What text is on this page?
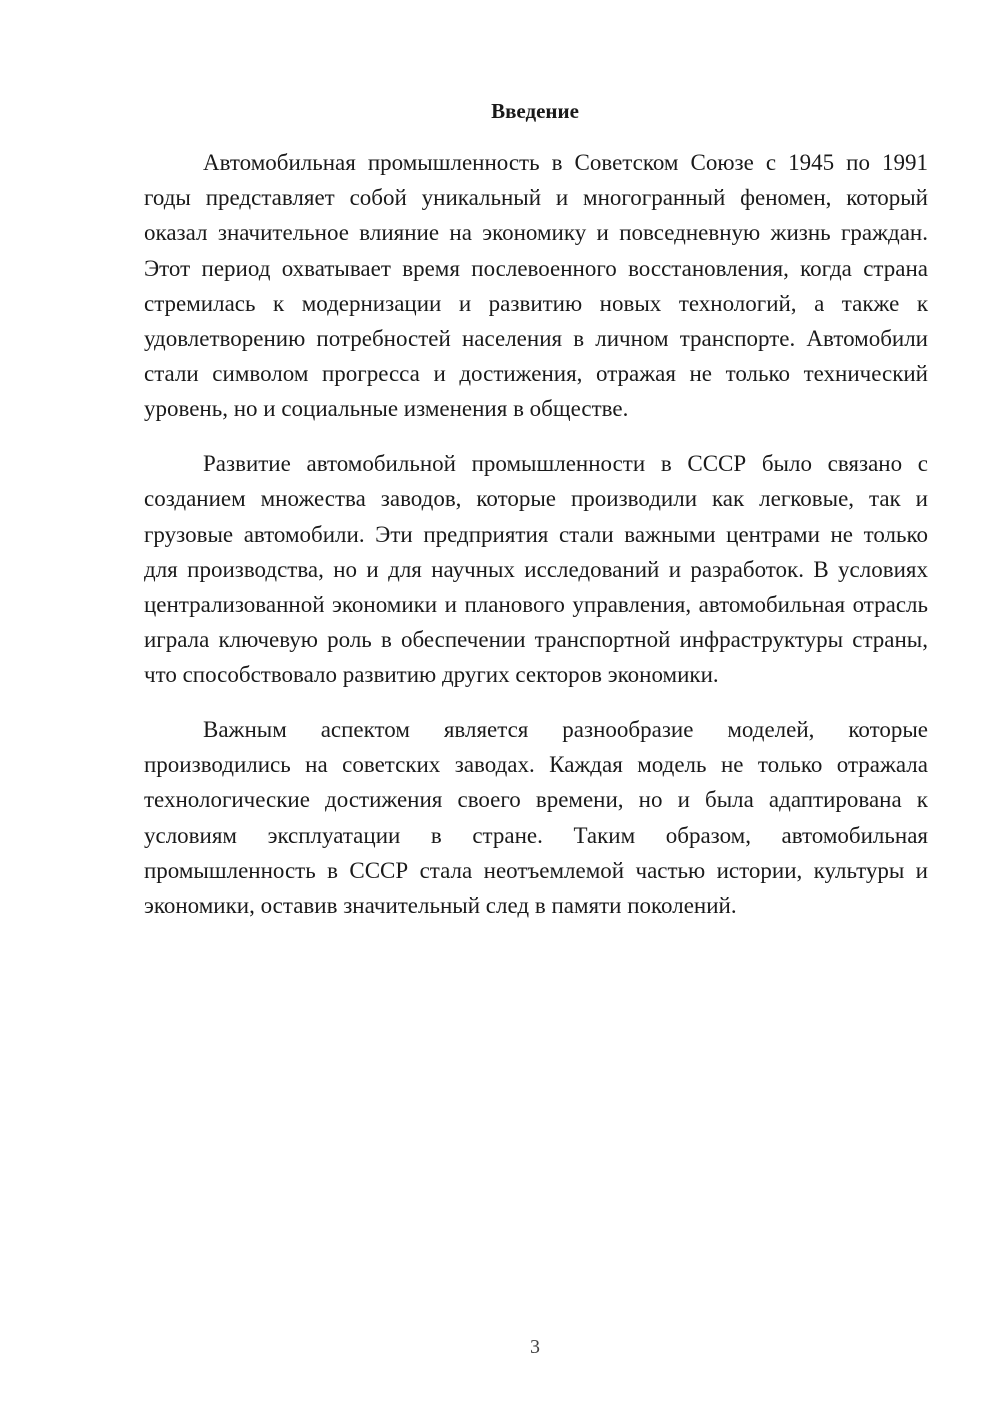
Введение

Автомобильная промышленность в Советском Союзе с 1945 по 1991 годы представляет собой уникальный и многогранный феномен, который оказал значительное влияние на экономику и повседневную жизнь граждан. Этот период охватывает время послевоенного восстановления, когда страна стремилась к модернизации и развитию новых технологий, а также к удовлетворению потребностей населения в личном транспорте. Автомобили стали символом прогресса и достижения, отражая не только технический уровень, но и социальные изменения в обществе.

Развитие автомобильной промышленности в СССР было связано с созданием множества заводов, которые производили как легковые, так и грузовые автомобили. Эти предприятия стали важными центрами не только для производства, но и для научных исследований и разработок. В условиях централизованной экономики и планового управления, автомобильная отрасль играла ключевую роль в обеспечении транспортной инфраструктуры страны, что способствовало развитию других секторов экономики.

Важным аспектом является разнообразие моделей, которые производились на советских заводах. Каждая модель не только отражала технологические достижения своего времени, но и была адаптирована к условиям эксплуатации в стране. Таким образом, автомобильная промышленность в СССР стала неотъемлемой частью истории, культуры и экономики, оставив значительный след в памяти поколений.

3
